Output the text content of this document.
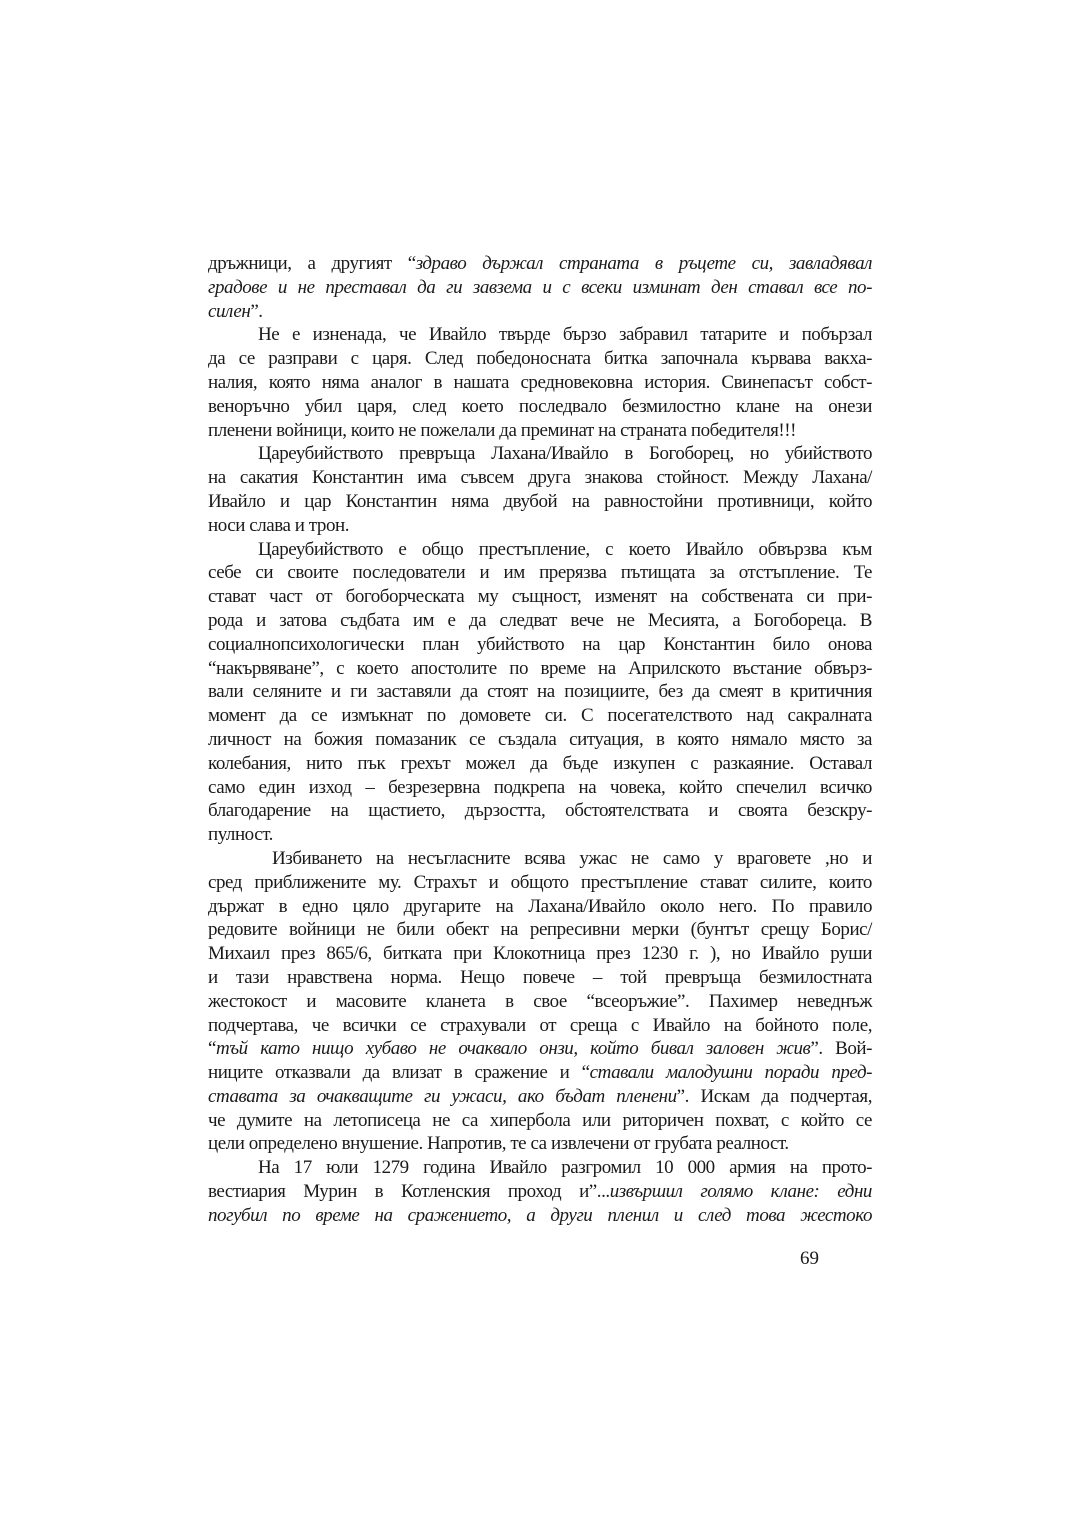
дръжници, а другият “здраво държал страната в ръцете си, завладявал
градове и не преставал да ги завзема и с всеки изминат ден ставал все по-
силен”.
Не е изненада, че Ивайло твърде бързо забравил татарите и побързал
да се разправи с царя. След победоносната битка започнала кървава вакха-
налия, която няма аналог в нашата средновековна история. Свинепасът собст-
веноръчно убил царя, след което последвало безмилостно клане на онези
пленени войници, които не пожелали да преминат на страната победителя!!!
Цареубийството превръща Лахана/Ивайло в Богоборец, но убийството
на сакатия Константин има съвсем друга знакова стойност. Между Лахана/
Ивайло и цар Константин няма двубой на равностойни противници, който
носи слава и трон.
Цареубийството е общо престъпление, с което Ивайло обвързва към
себе си своите последователи и им прерязва пътищата за отстъпление. Те
стават част от богоборческата му същност, изменят на собствената си при-
рода и затова съдбата им е да следват вече не Месията, а Богобореца. В
социалнопсихологически план убийството на цар Константин било онова
“накървяване”, с което апостолите по време на Априлското въстание обвърз-
вали селяните и ги заставяли да стоят на позициите, без да смеят в критичния
момент да се измъкнат по домовете си. С посегателството над сакралната
личност на божия помазаник се създала ситуация, в която нямало място за
колебания, нито пък грехът можел да бъде изкупен с разкаяние. Оставал
само един изход – безрезервна подкрепа на човека, който спечелил всичко
благодарение на щастието, дързостта, обстоятелствата и своята безскру-
пулност.
Избиването на несъгласните всява ужас не само у враговете ,но и
сред приближените му. Страхът и общото престъпление стават силите, които
държат в едно цяло другарите на Лахана/Ивайло около него. По правило
редовите войници не били обект на репресивни мерки (бунтът срещу Борис/
Михаил през 865/6, битката при Клокотница през 1230 г. ), но Ивайло руши
и тази нравствена норма. Нещо повече – той превръща безмилостната
жестокост и масовите кланета в свое “всеоръжие”. Пахимер неведнъж
подчертава, че всички се страхували от среща с Ивайло на бойното поле,
“тъй като нищо хубаво не очаквало онзи, който бивал заловен жив”. Вой-
ниците отказвали да влизат в сражение и “ставали малодушни поради пред-
ставата за очакващите ги ужаси, ако бъдат пленени”. Искам да подчертая,
че думите на летописеца не са хипербола или риторичен похват, с който се
цели определено внушение. Напротив, те са извлечени от грубата реалност.
На 17 юли 1279 година Ивайло разгромил 10 000 армия на прото-
вестиария Мурин в Котленския проход и”...извършил голямо клане: едни
погубил по време на сражението, а други пленил и след това жестоко
69
